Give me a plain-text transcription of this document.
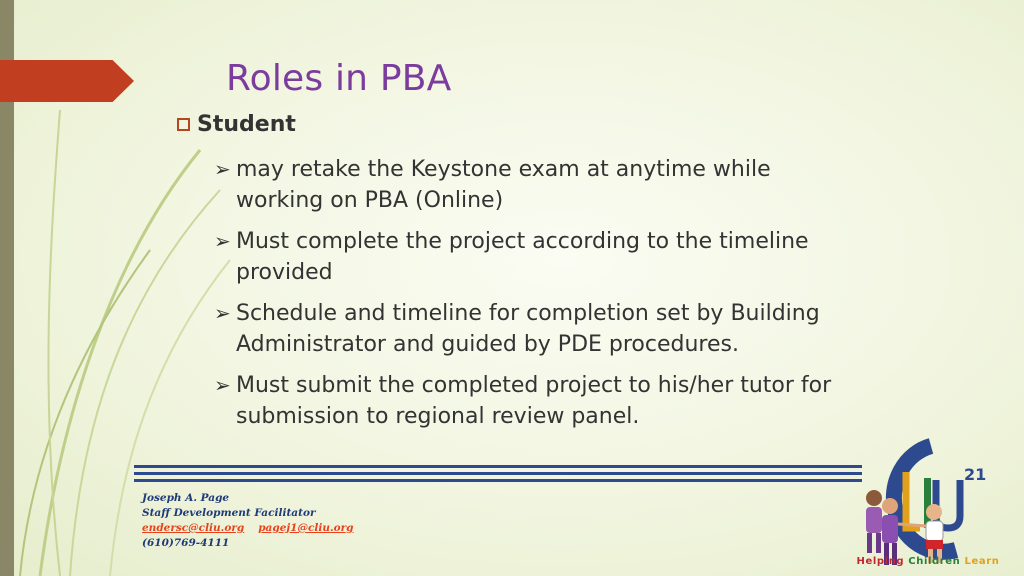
Roles in PBA
Student
➢ may retake the Keystone exam at anytime while working on PBA (Online)
➢ Must complete the project according to the timeline provided
➢ Schedule and timeline for completion set by Building Administrator and guided by PDE procedures.
➢ Must submit the completed project to his/her tutor for submission to regional review panel.
Joseph A. Page
Staff Development Facilitator
endersc@cliu.org pagej1@cliu.org
(610)769-4111
21
Helping Children Learn
